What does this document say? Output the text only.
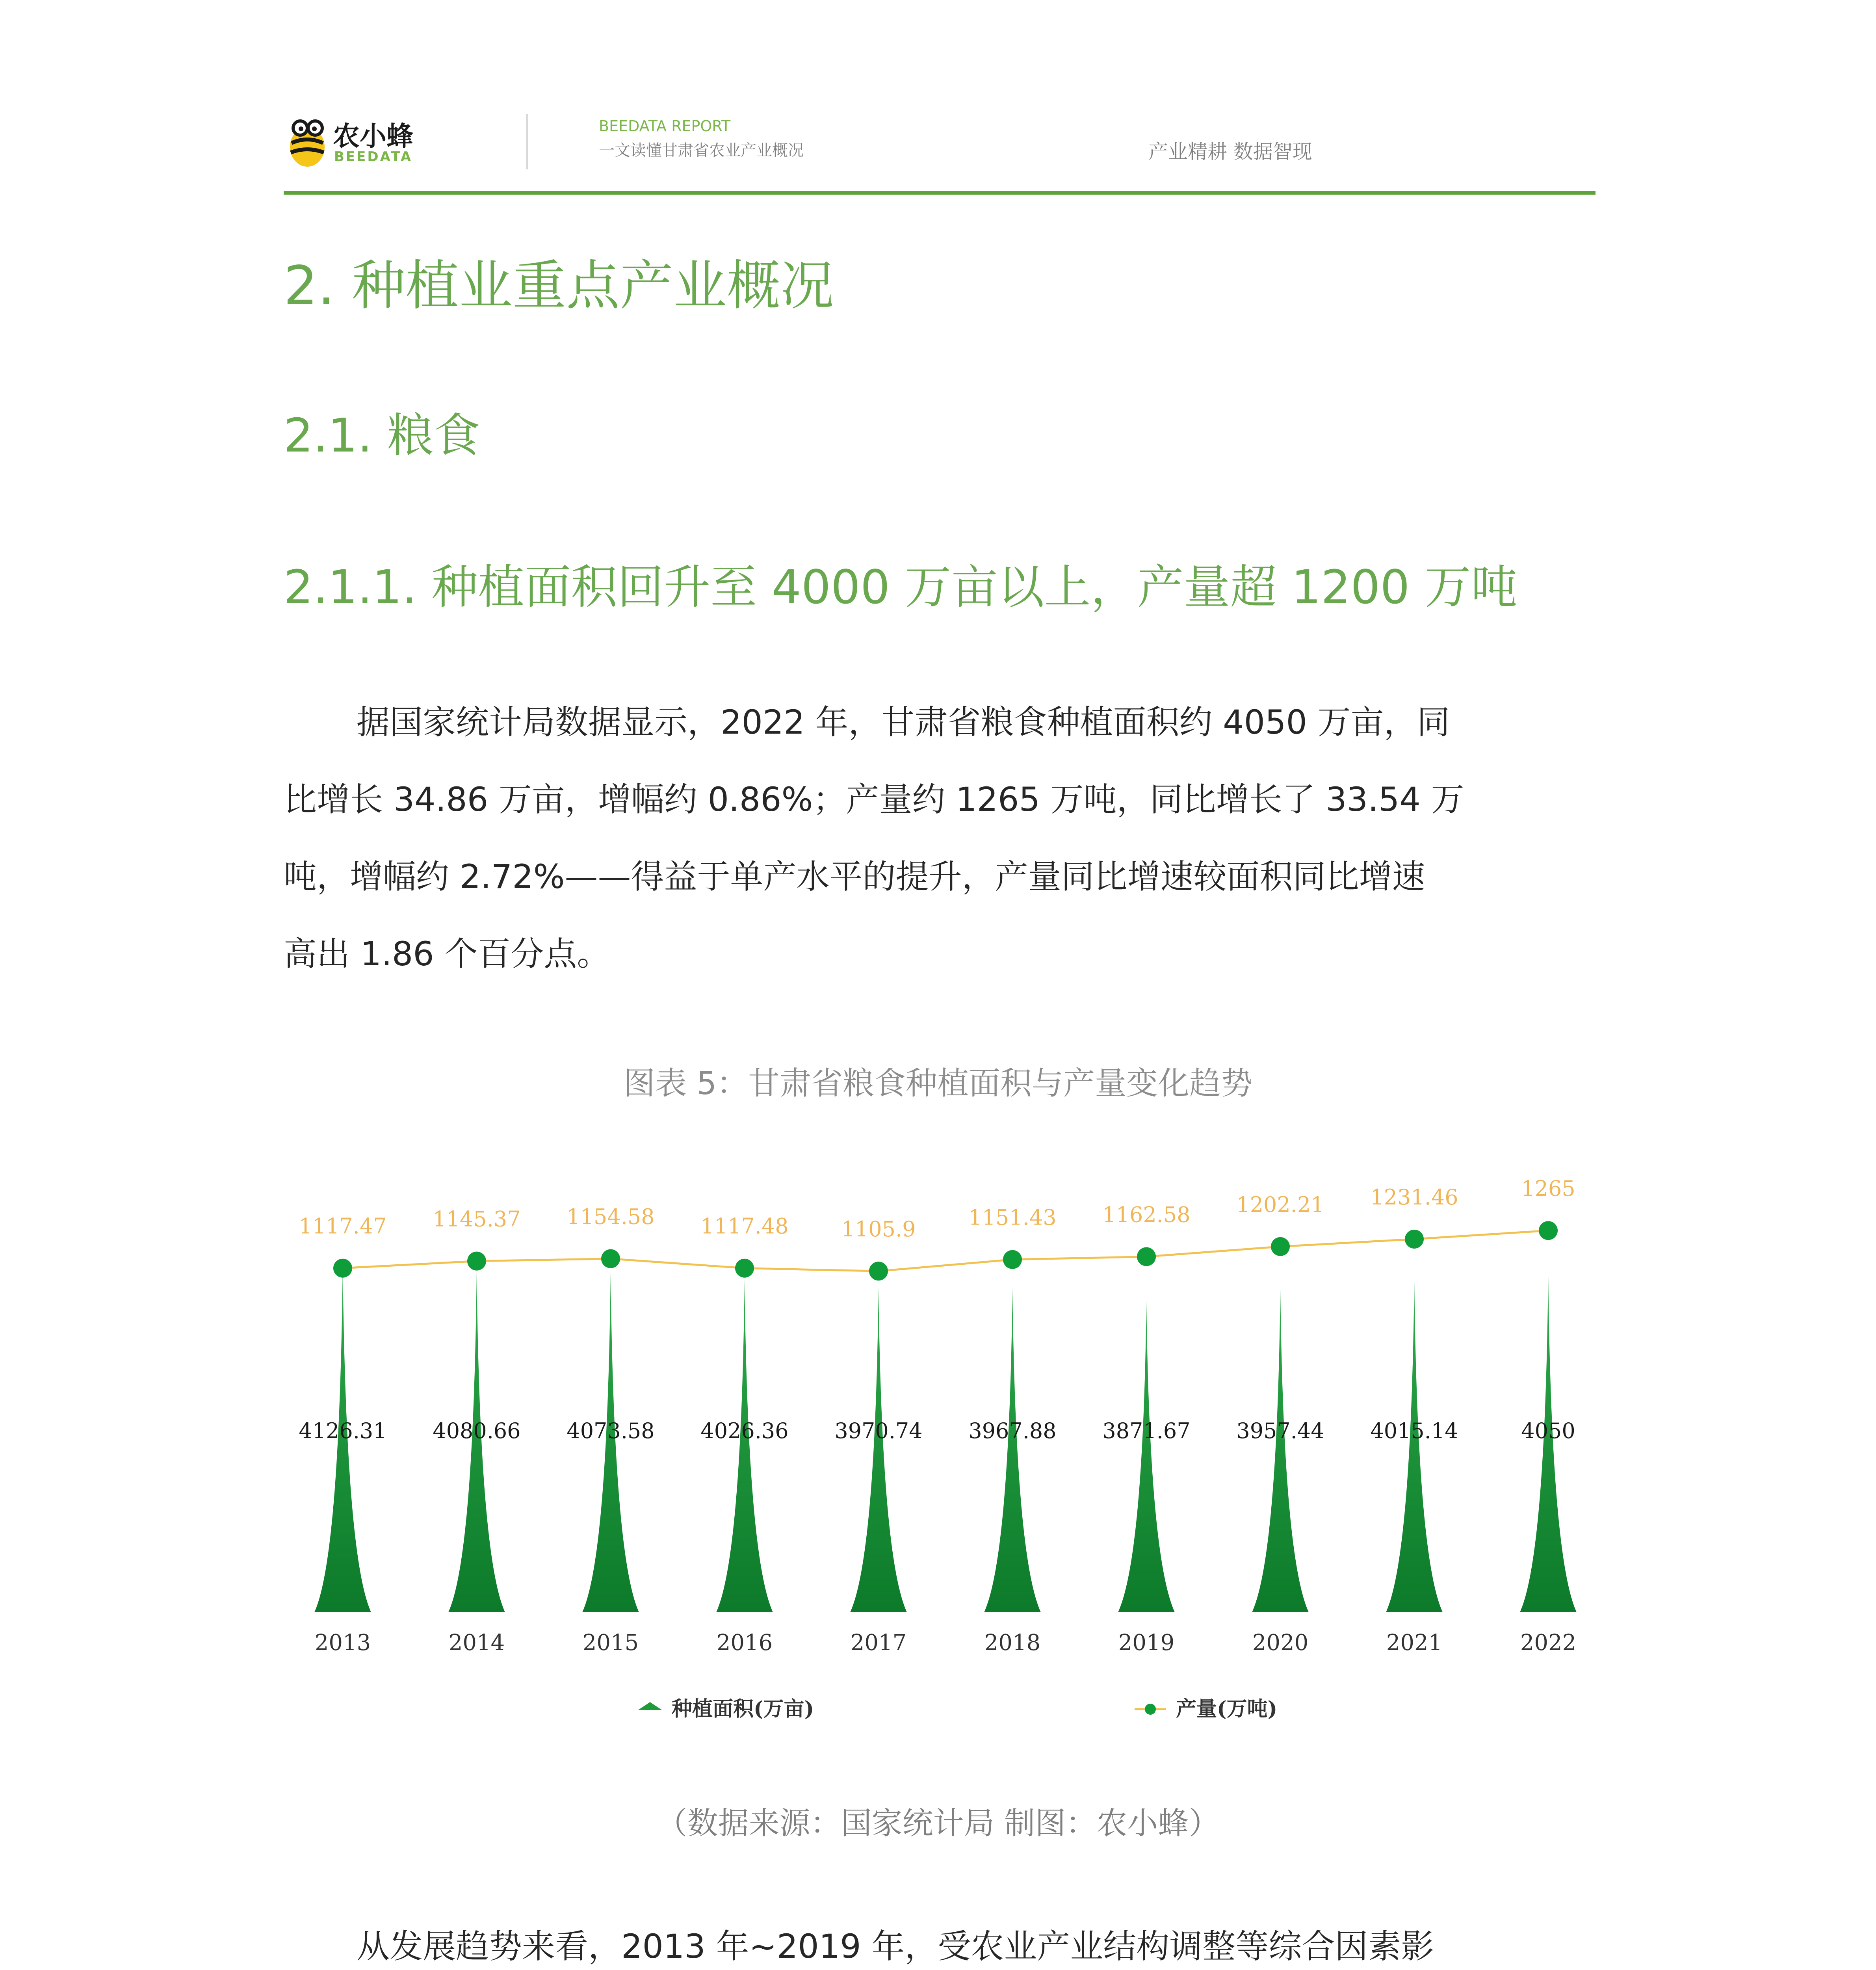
农小蜂
BEEDATA
BEEDATA REPORT
一文读懂甘肃省农业产业概况	产业精耕 数据智现
2. 种植业重点产业概况
2.1. 粮食
2.1.1. 种植面积回升至 4000 万亩以上，产量超 1200 万吨
据国家统计局数据显示，2022 年，甘肃省粮食种植面积约 4050 万亩，同
比增长 34.86 万亩，增幅约 0.86%；产量约 1265 万吨，同比增长了 33.54 万
吨，增幅约 2.72%——得益于单产水平的提升，产量同比增速较面积同比增速
高出 1.86 个百分点。
图表 5：甘肃省粮食种植面积与产量变化趋势
1117.47 1145.37 1154.58 1117.48 1105.9 1151.43 1162.58 1202.21 1231.46	1265
4126.31 4080.66 4073.58 4026.36 3970.74 3967.88 3871.67 3957.44 4015.14	4050
2013	2014	2015	2016	2017	2018	2019	2020	2021	2022
种植面积(万亩)	产量(万吨)
（数据来源：国家统计局 制图：农小蜂）
从发展趋势来看，2013 年~2019 年，受农业产业结构调整等综合因素影
